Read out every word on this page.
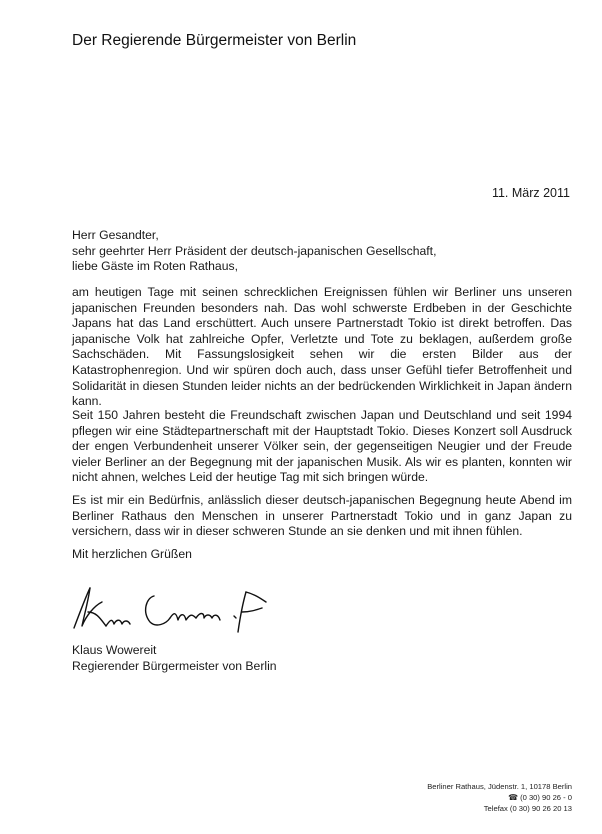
Der Regierende Bürgermeister von Berlin
11. März 2011
Herr Gesandter,
sehr geehrter Herr Präsident der deutsch-japanischen Gesellschaft,
liebe Gäste im Roten Rathaus,

am heutigen Tage mit seinen schrecklichen Ereignissen fühlen wir Berliner uns unseren japanischen Freunden besonders nah. Das wohl schwerste Erdbeben in der Geschichte Japans hat das Land erschüttert. Auch unsere Partnerstadt Tokio ist direkt betroffen. Das japanische Volk hat zahlreiche Opfer, Verletzte und Tote zu beklagen, außerdem große Sachschäden. Mit Fassungslosigkeit sehen wir die ersten Bilder aus der Katastrophenregion. Und wir spüren doch auch, dass unser Gefühl tiefer Betroffenheit und Solidarität in diesen Stunden leider nichts an der bedrückenden Wirklichkeit in Japan ändern kann.

Seit 150 Jahren besteht die Freundschaft zwischen Japan und Deutschland und seit 1994 pflegen wir eine Städtepartnerschaft mit der Hauptstadt Tokio. Dieses Konzert soll Ausdruck der engen Verbundenheit unserer Völker sein, der gegenseitigen Neugier und der Freude vieler Berliner an der Begegnung mit der japanischen Musik. Als wir es planten, konnten wir nicht ahnen, welches Leid der heutige Tag mit sich bringen würde.

Es ist mir ein Bedürfnis, anlässlich dieser deutsch-japanischen Begegnung heute Abend im Berliner Rathaus den Menschen in unserer Partnerstadt Tokio und in ganz Japan zu versichern, dass wir in dieser schweren Stunde an sie denken und mit ihnen fühlen.

Mit herzlichen Grüßen
Klaus Wowereit
Regierender Bürgermeister von Berlin
Berliner Rathaus, Jüdenstr. 1, 10178 Berlin
☎ (0 30) 90 26 - 0
Telefax (0 30) 90 26 20 13
